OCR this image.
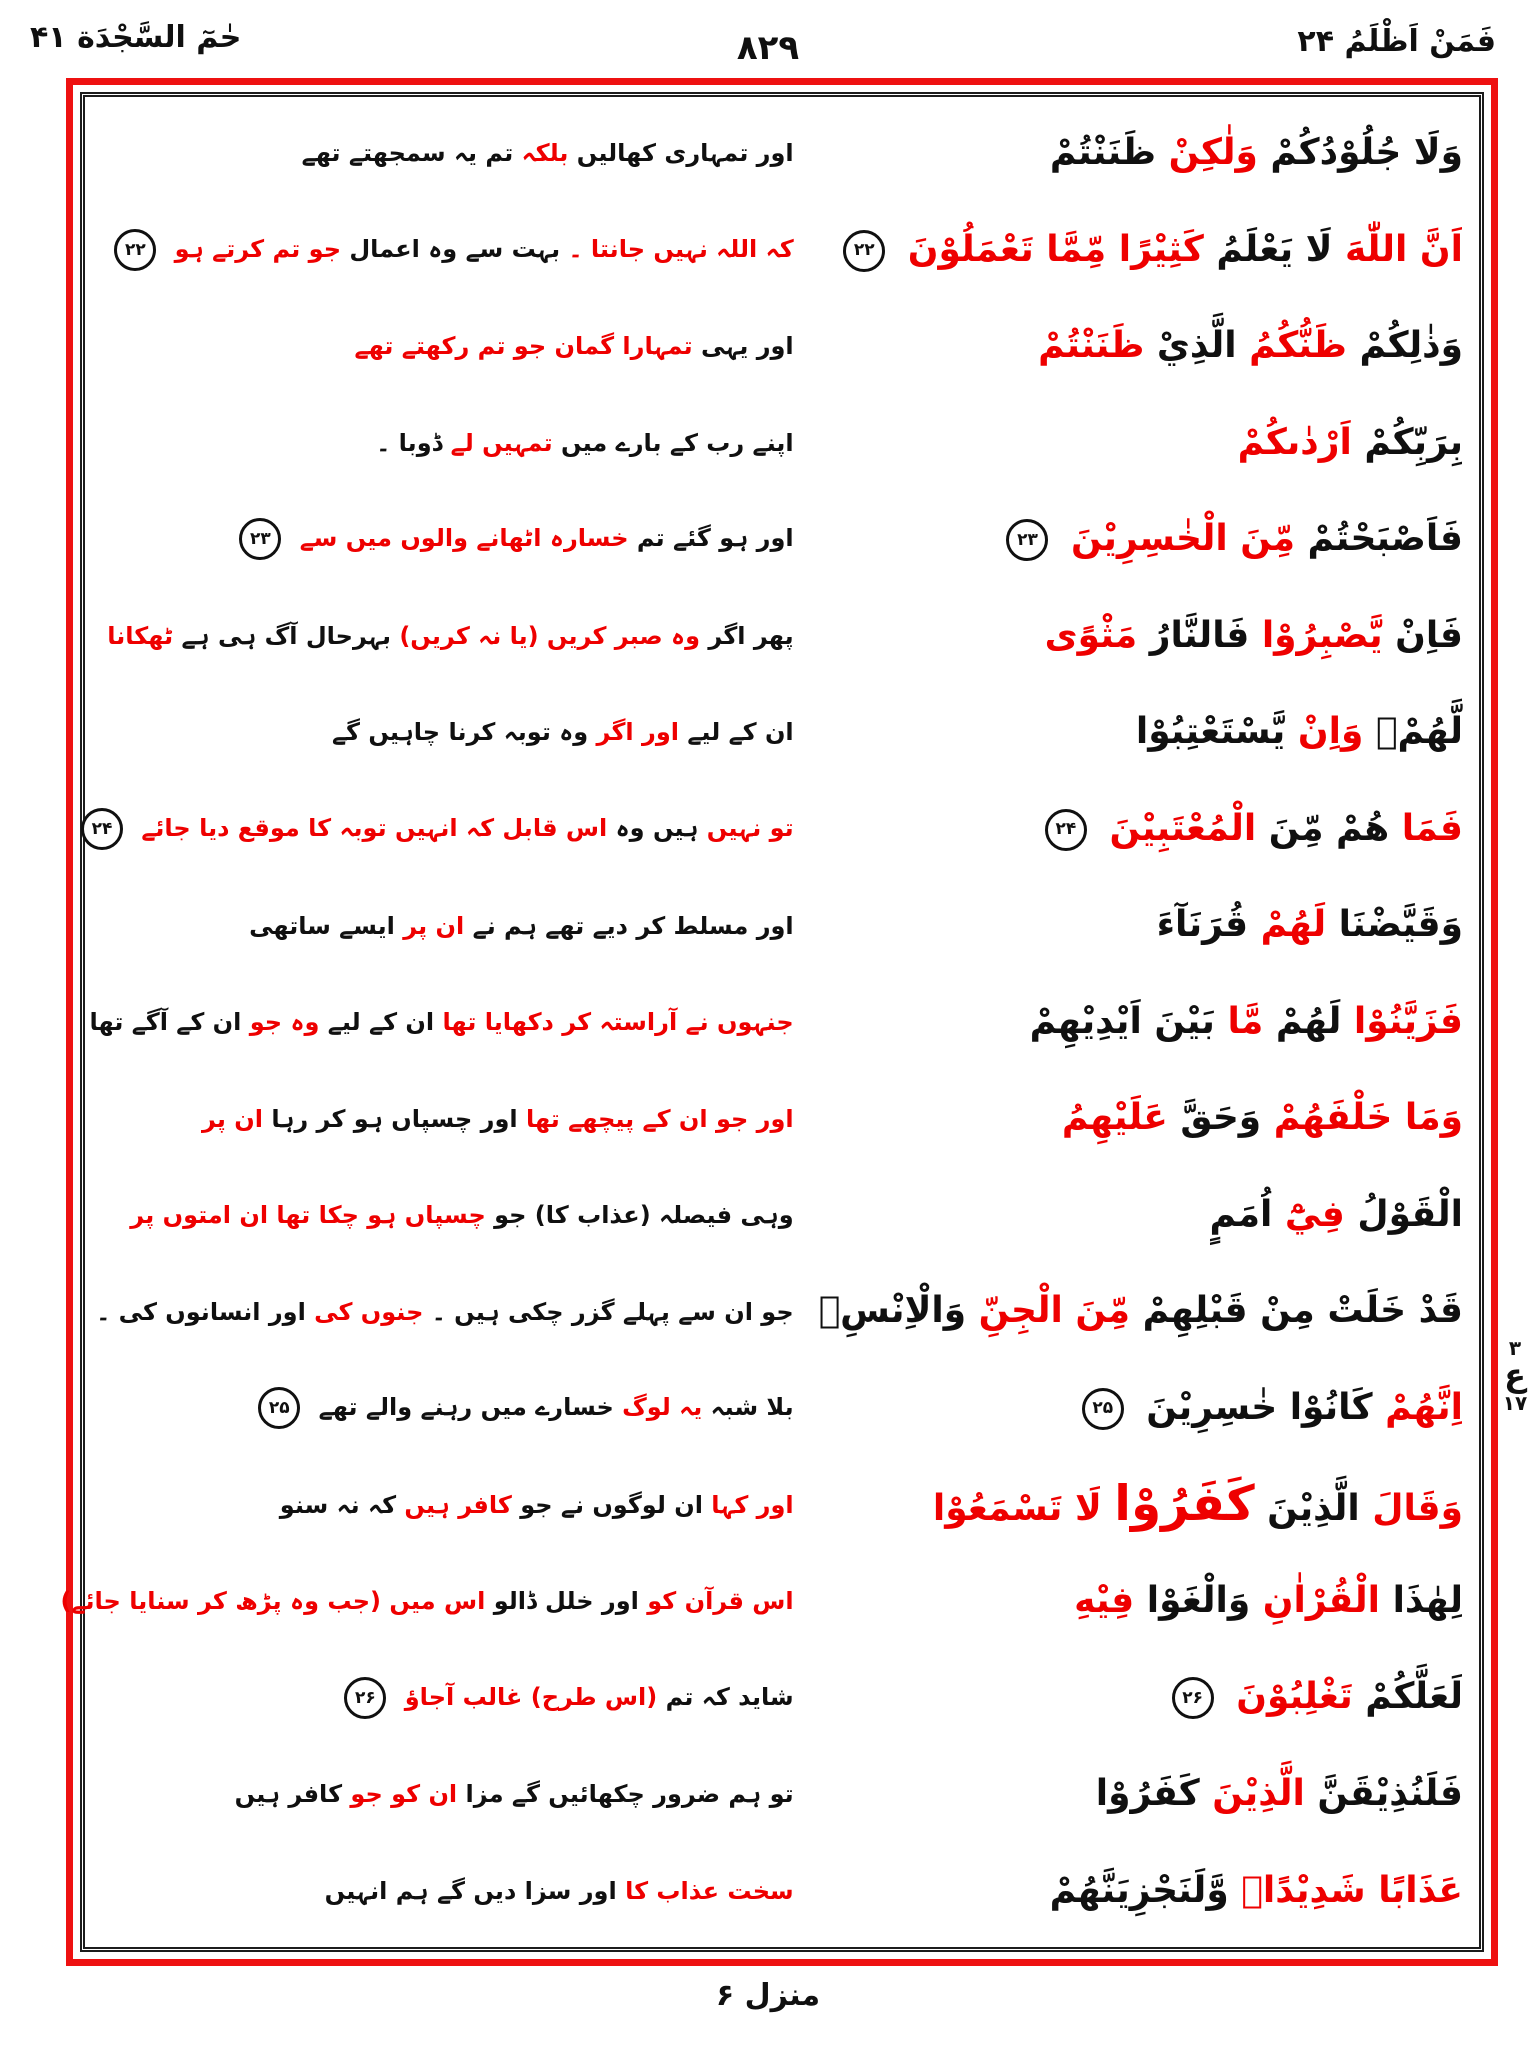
حٰمٓ السَّجْدَة ۴۱	۸۲۹	فَمَنْ اَظْلَمُ ۲۴
اور تمہاری کھالیں بلکہ تم یہ سمجھتے تھے	وَلَا جُلُوْدُكُمْ وَلٰكِنْ ظَنَنْتُمْ
کہ اللہ نہیں جانتا ۔ بہت سے وہ اعمال جو تم کرتے ہو ۲۲	اَنَّ اللّٰهَ لَا يَعْلَمُ كَثِيْرًا مِّمَّا تَعْمَلُوْنَ ۲۲
اور یہی تمہارا گمان جو تم رکھتے تھے	وَذٰلِكُمْ ظَنُّكُمُ الَّذِيْ ظَنَنْتُمْ
اپنے رب کے بارے میں تمہیں لے ڈوبا ۔	بِرَبِّكُمْ اَرْدٰىكُمْ
اور ہو گئے تم خسارہ اٹھانے والوں میں سے ۲۳	فَاَصْبَحْتُمْ مِّنَ الْخٰسِرِيْنَ ۲۳
پھر اگر وہ صبر کریں (یا نہ کریں) بہرحال آگ ہی ہے ٹھکانا	فَاِنْ يَّصْبِرُوْا فَالنَّارُ مَثْوًى
ان کے لیے اور اگر وہ توبہ کرنا چاہیں گے	لَّهُمْۚ وَاِنْ يَّسْتَعْتِبُوْا
تو نہیں ہیں وہ اس قابل کہ انہیں توبہ کا موقع دیا جائے ۲۴	فَمَا هُمْ مِّنَ الْمُعْتَبِيْنَ ۲۴
اور مسلط کر دیے تھے ہم نے ان پر ایسے ساتھی	وَقَيَّضْنَا لَهُمْ قُرَنَآءَ
جنہوں نے آراستہ کر دکھایا تھا ان کے لیے وہ جو ان کے آگے تھا	فَزَيَّنُوْا لَهُمْ مَّا بَيْنَ اَيْدِيْهِمْ
اور جو ان کے پیچھے تھا اور چسپاں ہو کر رہا ان پر	وَمَا خَلْفَهُمْ وَحَقَّ عَلَيْهِمُ
وہی فیصلہ (عذاب کا) جو چسپاں ہو چکا تھا ان امتوں پر	الْقَوْلُ فِيْٓ اُمَمٍ
جو ان سے پہلے گزر چکی ہیں ۔ جنوں کی اور انسانوں کی ۔	قَدْ خَلَتْ مِنْ قَبْلِهِمْ مِّنَ الْجِنِّ وَالْاِنْسِۚ
بلا شبہ یہ لوگ خسارے میں رہنے والے تھے ۲۵	اِنَّهُمْ كَانُوْا خٰسِرِيْنَ ۲۵
اور کہا ان لوگوں نے جو کافر ہیں کہ نہ سنو	وَقَالَ الَّذِيْنَ كَفَرُوْا لَا تَسْمَعُوْا
اس قرآن کو اور خلل ڈالو اس میں (جب وہ پڑھ کر سنایا جائے)	لِهٰذَا الْقُرْاٰنِ وَالْغَوْا فِيْهِ
شاید کہ تم (اس طرح) غالب آجاؤ ۲۶	لَعَلَّكُمْ تَغْلِبُوْنَ ۲۶
تو ہم ضرور چکھائیں گے مزا ان کو جو کافر ہیں	فَلَنُذِيْقَنَّ الَّذِيْنَ كَفَرُوْا
سخت عذاب کا اور سزا دیں گے ہم انہیں	عَذَابًا شَدِيْدًاۙ وَّلَنَجْزِيَنَّهُمْ
۳
ع
۱۷
منزل ۶
